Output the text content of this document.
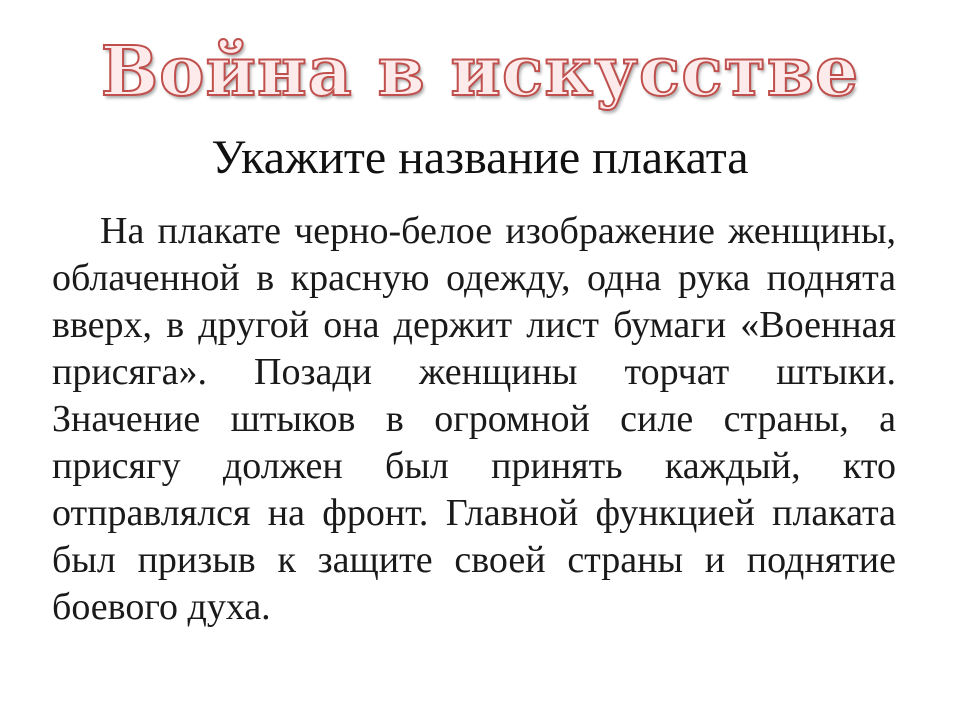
Война в искусстве
Укажите название плаката

На плакате черно-белое изображение женщины, облаченной в красную одежду, одна рука поднята вверх, в другой она держит лист бумаги «Военная присяга». Позади женщины торчат штыки. Значение штыков в огромной силе страны, а присягу должен был принять каждый, кто отправлялся на фронт. Главной функцией плаката был призыв к защите своей страны и поднятие боевого духа.
